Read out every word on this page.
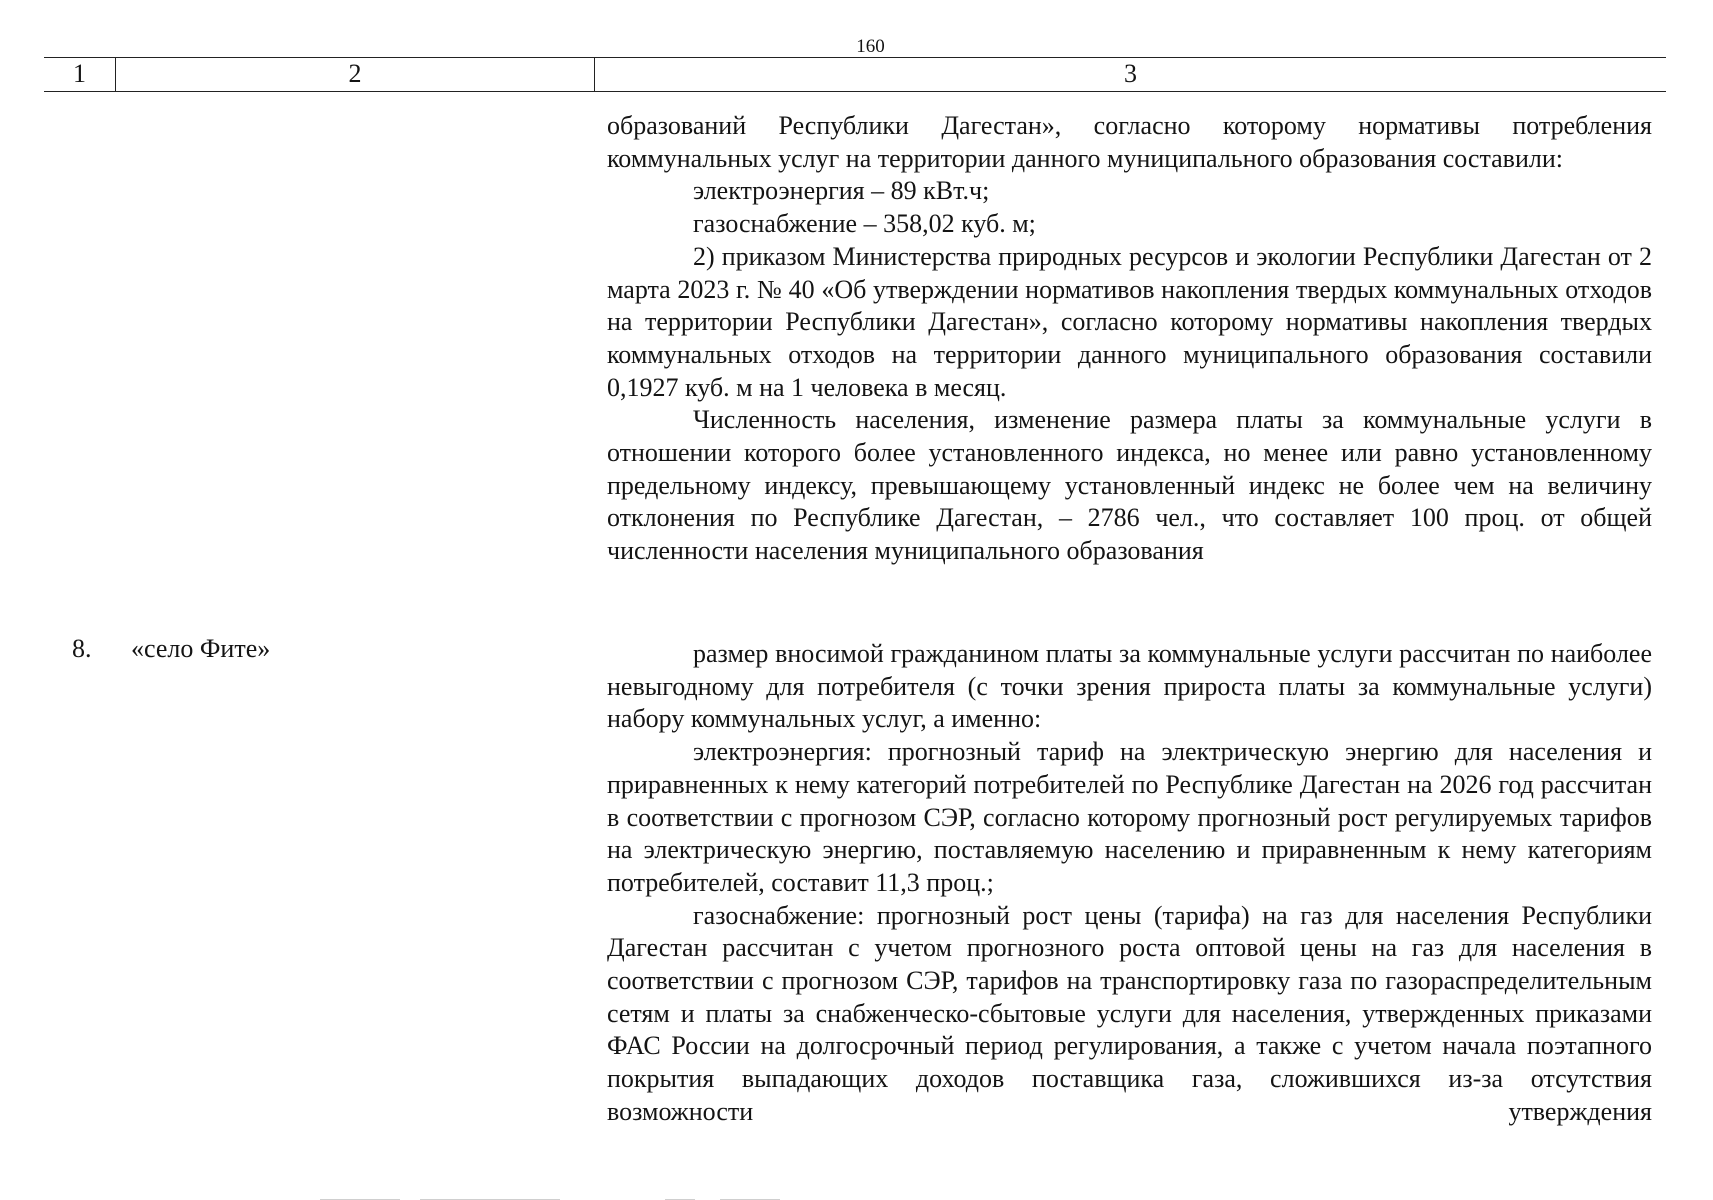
160
1	2	3

образований Республики Дагестан», согласно которому нормативы потребления коммунальных услуг на территории данного муниципального образования составили:

электроэнергия – 89 кВт.ч;

газоснабжение – 358,02 куб. м;

2) приказом Министерства природных ресурсов и экологии Республики Дагестан от 2 марта 2023 г. № 40 «Об утверждении нормативов накопления твердых коммунальных отходов на территории Республики Дагестан», согласно которому нормативы накопления твердых коммунальных отходов на территории данного муниципального образования составили 0,1927 куб. м на 1 человека в месяц.

Численность населения, изменение размера платы за коммунальные услуги в отношении которого более установленного индекса, но менее или равно установленному предельному индексу, превышающему установленный индекс не более чем на величину отклонения по Республике Дагестан, – 2786 чел., что составляет 100 проц. от общей численности населения муниципального образования

8. «село Фите»	размер вносимой гражданином платы за коммунальные услуги рассчитан по наиболее невыгодному для потребителя (с точки зрения прироста платы за коммунальные услуги) набору коммунальных услуг, а именно:

электроэнергия: прогнозный тариф на электрическую энергию для населения и приравненных к нему категорий потребителей по Республике Дагестан на 2026 год рассчитан в соответствии с прогнозом СЭР, согласно которому прогнозный рост регулируемых тарифов на электрическую энергию, поставляемую населению и приравненным к нему категориям потребителей, составит 11,3 проц.;

газоснабжение: прогнозный рост цены (тарифа) на газ для населения Республики Дагестан рассчитан с учетом прогнозного роста оптовой цены на газ для населения в соответствии с прогнозом СЭР, тарифов на транспортировку газа по газораспределительным сетям и платы за снабженческо-сбытовые услуги для населения, утвержденных приказами ФАС России на долгосрочный период регулирования, а также с учетом начала поэтапного покрытия выпадающих доходов поставщика газа, сложившихся из-за отсутствия возможности утверждения
